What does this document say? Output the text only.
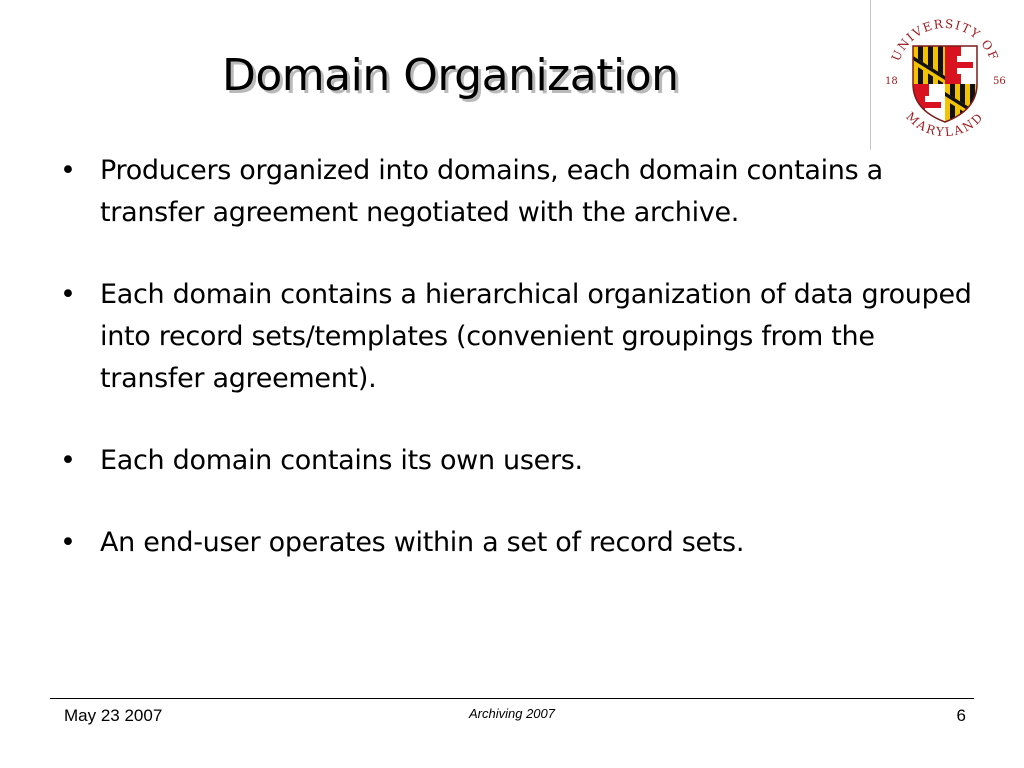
Domain Organization	UNIVERSITY OF
MARYLAND
18	56
• Producers organized into domains, each domain contains a transfer agreement negotiated with the archive.
• Each domain contains a hierarchical organization of data grouped into record sets/templates (convenient groupings from the transfer agreement).
• Each domain contains its own users.
• An end-user operates within a set of record sets.
May 23 2007	Archiving 2007	6
